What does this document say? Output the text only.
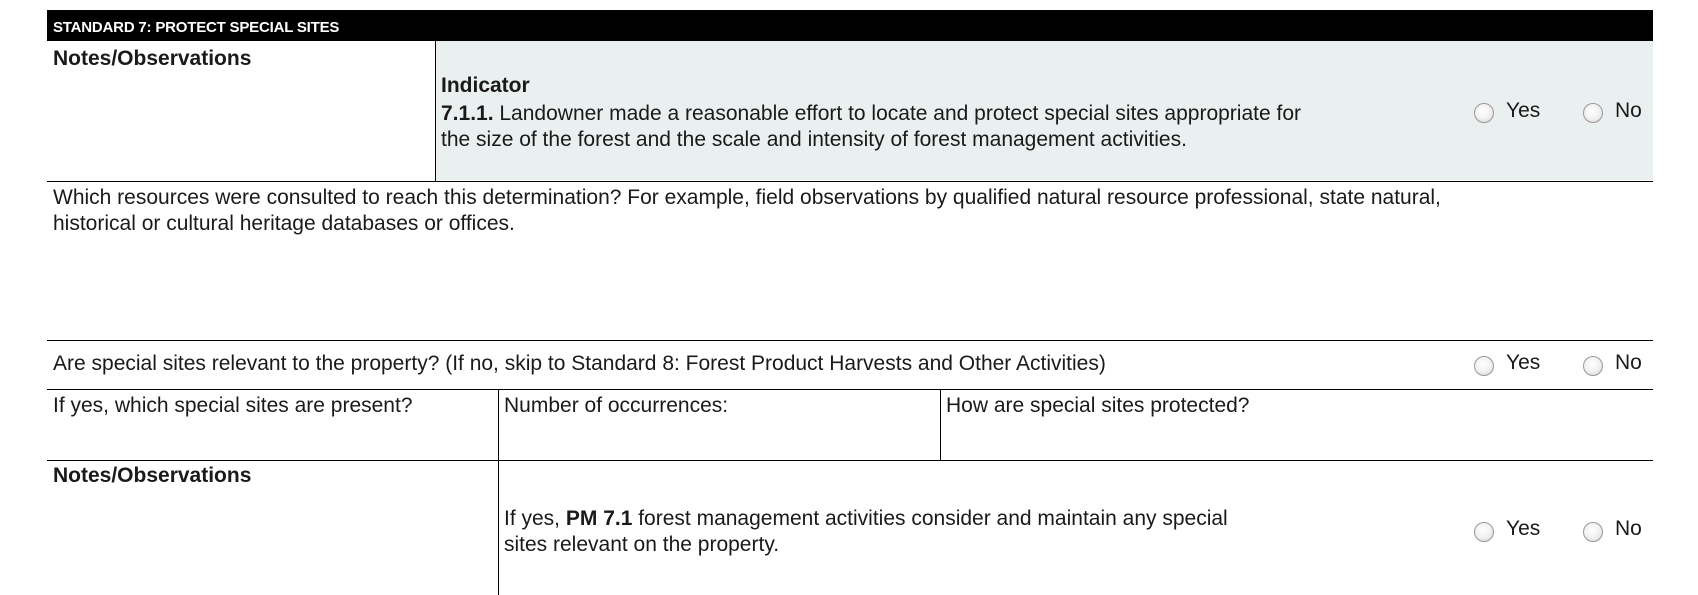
STANDARD 7: PROTECT SPECIAL SITES
Notes/Observations
Indicator
7.1.1. Landowner made a reasonable effort to locate and protect special sites appropriate for
the size of the forest and the scale and intensity of forest management activities.
Yes	No
Which resources were consulted to reach this determination? For example, field observations by qualified natural resource professional, state natural,
historical or cultural heritage databases or offices.
Are special sites relevant to the property? (If no, skip to Standard 8: Forest Product Harvests and Other Activities)	Yes	No
If yes, which special sites are present?	Number of occurrences:	How are special sites protected?
Notes/Observations
If yes, PM 7.1 forest management activities consider and maintain any special
sites relevant on the property.
Yes	No
